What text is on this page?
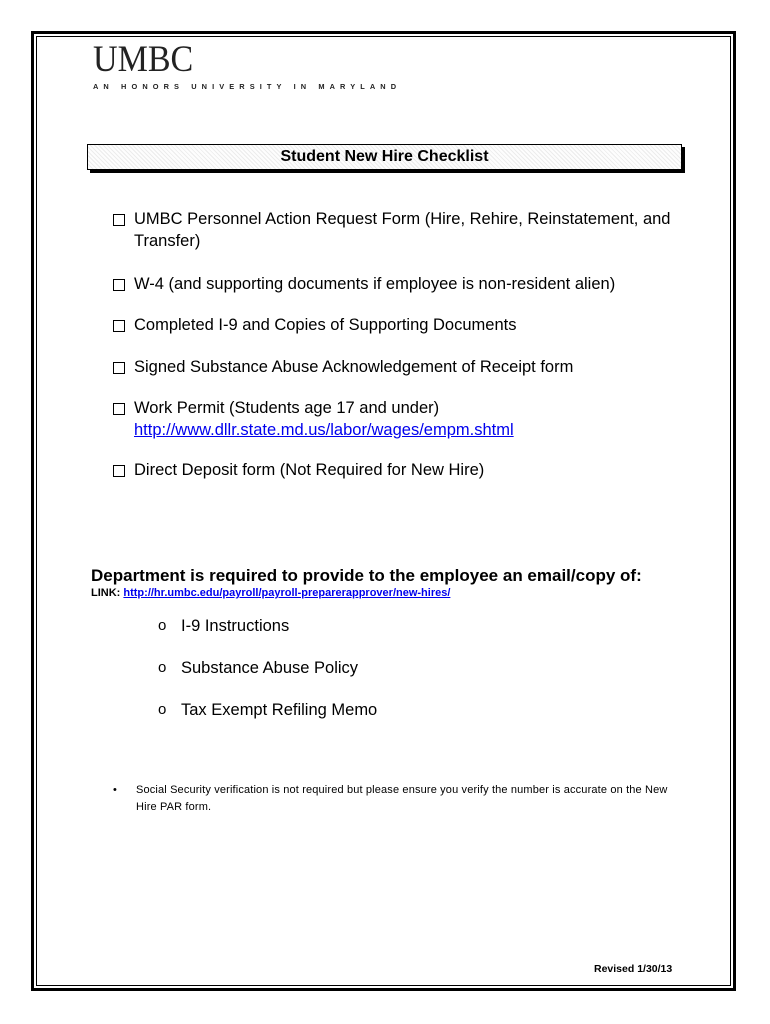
UMBC
AN HONORS UNIVERSITY IN MARYLAND
Student New Hire Checklist
UMBC Personnel Action Request Form (Hire, Rehire, Reinstatement, and Transfer)
W-4 (and supporting documents if employee is non-resident alien)
Completed I-9 and Copies of Supporting Documents
Signed Substance Abuse Acknowledgement of Receipt form
Work Permit (Students age 17 and under)
http://www.dllr.state.md.us/labor/wages/empm.shtml
Direct Deposit form (Not Required for New Hire)
Department is required to provide to the employee an email/copy of:
LINK: http://hr.umbc.edu/payroll/payroll-preparerapprover/new-hires/
o I-9 Instructions
o Substance Abuse Policy
o Tax Exempt Refiling Memo
•	Social Security verification is not required but please ensure you verify the number is accurate on the New Hire PAR form.
Revised 1/30/13
